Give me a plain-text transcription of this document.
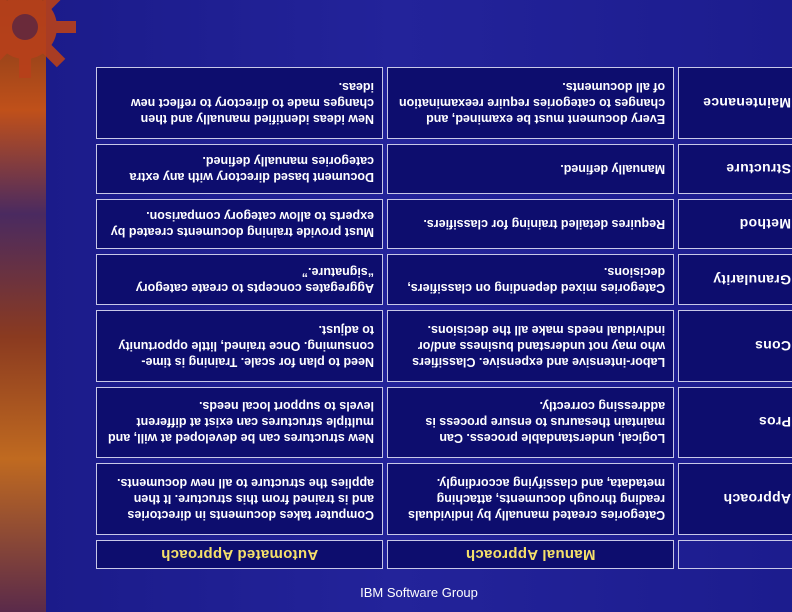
	Manual Approach	Automated Approach
Approach	Categories created manually by individuals reading through documents, attaching metadata, and classifying accordingly.	Computer takes documents in directories and is trained from this structure. It then applies the structure to all new documents.
Pros	Logical, understandable process. Can maintain thesaurus to ensure process is addressing correctly.	New structures can be developed at will, and multiple structures can exist at different levels to support local needs.
Cons	Labor-intensive and expensive. Classifiers who may not understand business and/or individual needs make all the decisions.	Need to plan for scale. Training is time-consuming. Once trained, little opportunity to adjust.
Granularity	Categories mixed depending on classifiers, decisions.	Aggregates concepts to create category “signature.”
Method	Requires detailed training for classifiers.	Must provide training documents created by experts to allow category comparison.
Structure	Manually defined.	Document based directory with any extra categories manually defined.
Maintenance	Every document must be examined, and changes to categories require reexamination of all documents.	New ideas identified manually and then changes made to directory to reflect new ideas.
IBM Software Group
